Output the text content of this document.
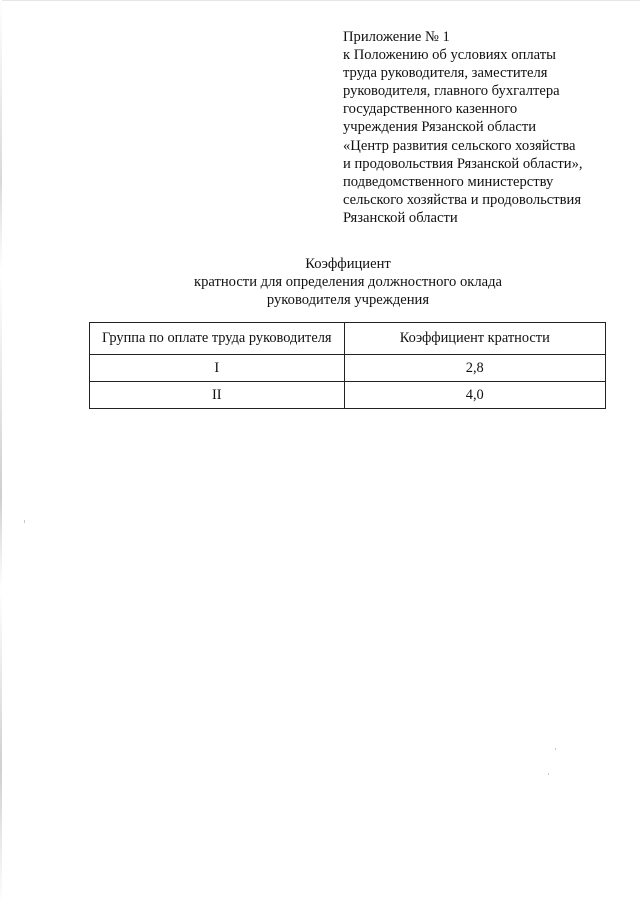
Приложение № 1
к Положению об условиях оплаты
труда руководителя, заместителя
руководителя, главного бухгалтера
государственного казенного
учреждения Рязанской области
«Центр развития сельского хозяйства
и продовольствия Рязанской области»,
подведомственного министерству
сельского хозяйства и продовольствия
Рязанской области
Коэффициент
кратности для определения должностного оклада
руководителя учреждения
Группа по оплате труда руководителя	Коэффициент кратности
I	2,8
II	4,0
